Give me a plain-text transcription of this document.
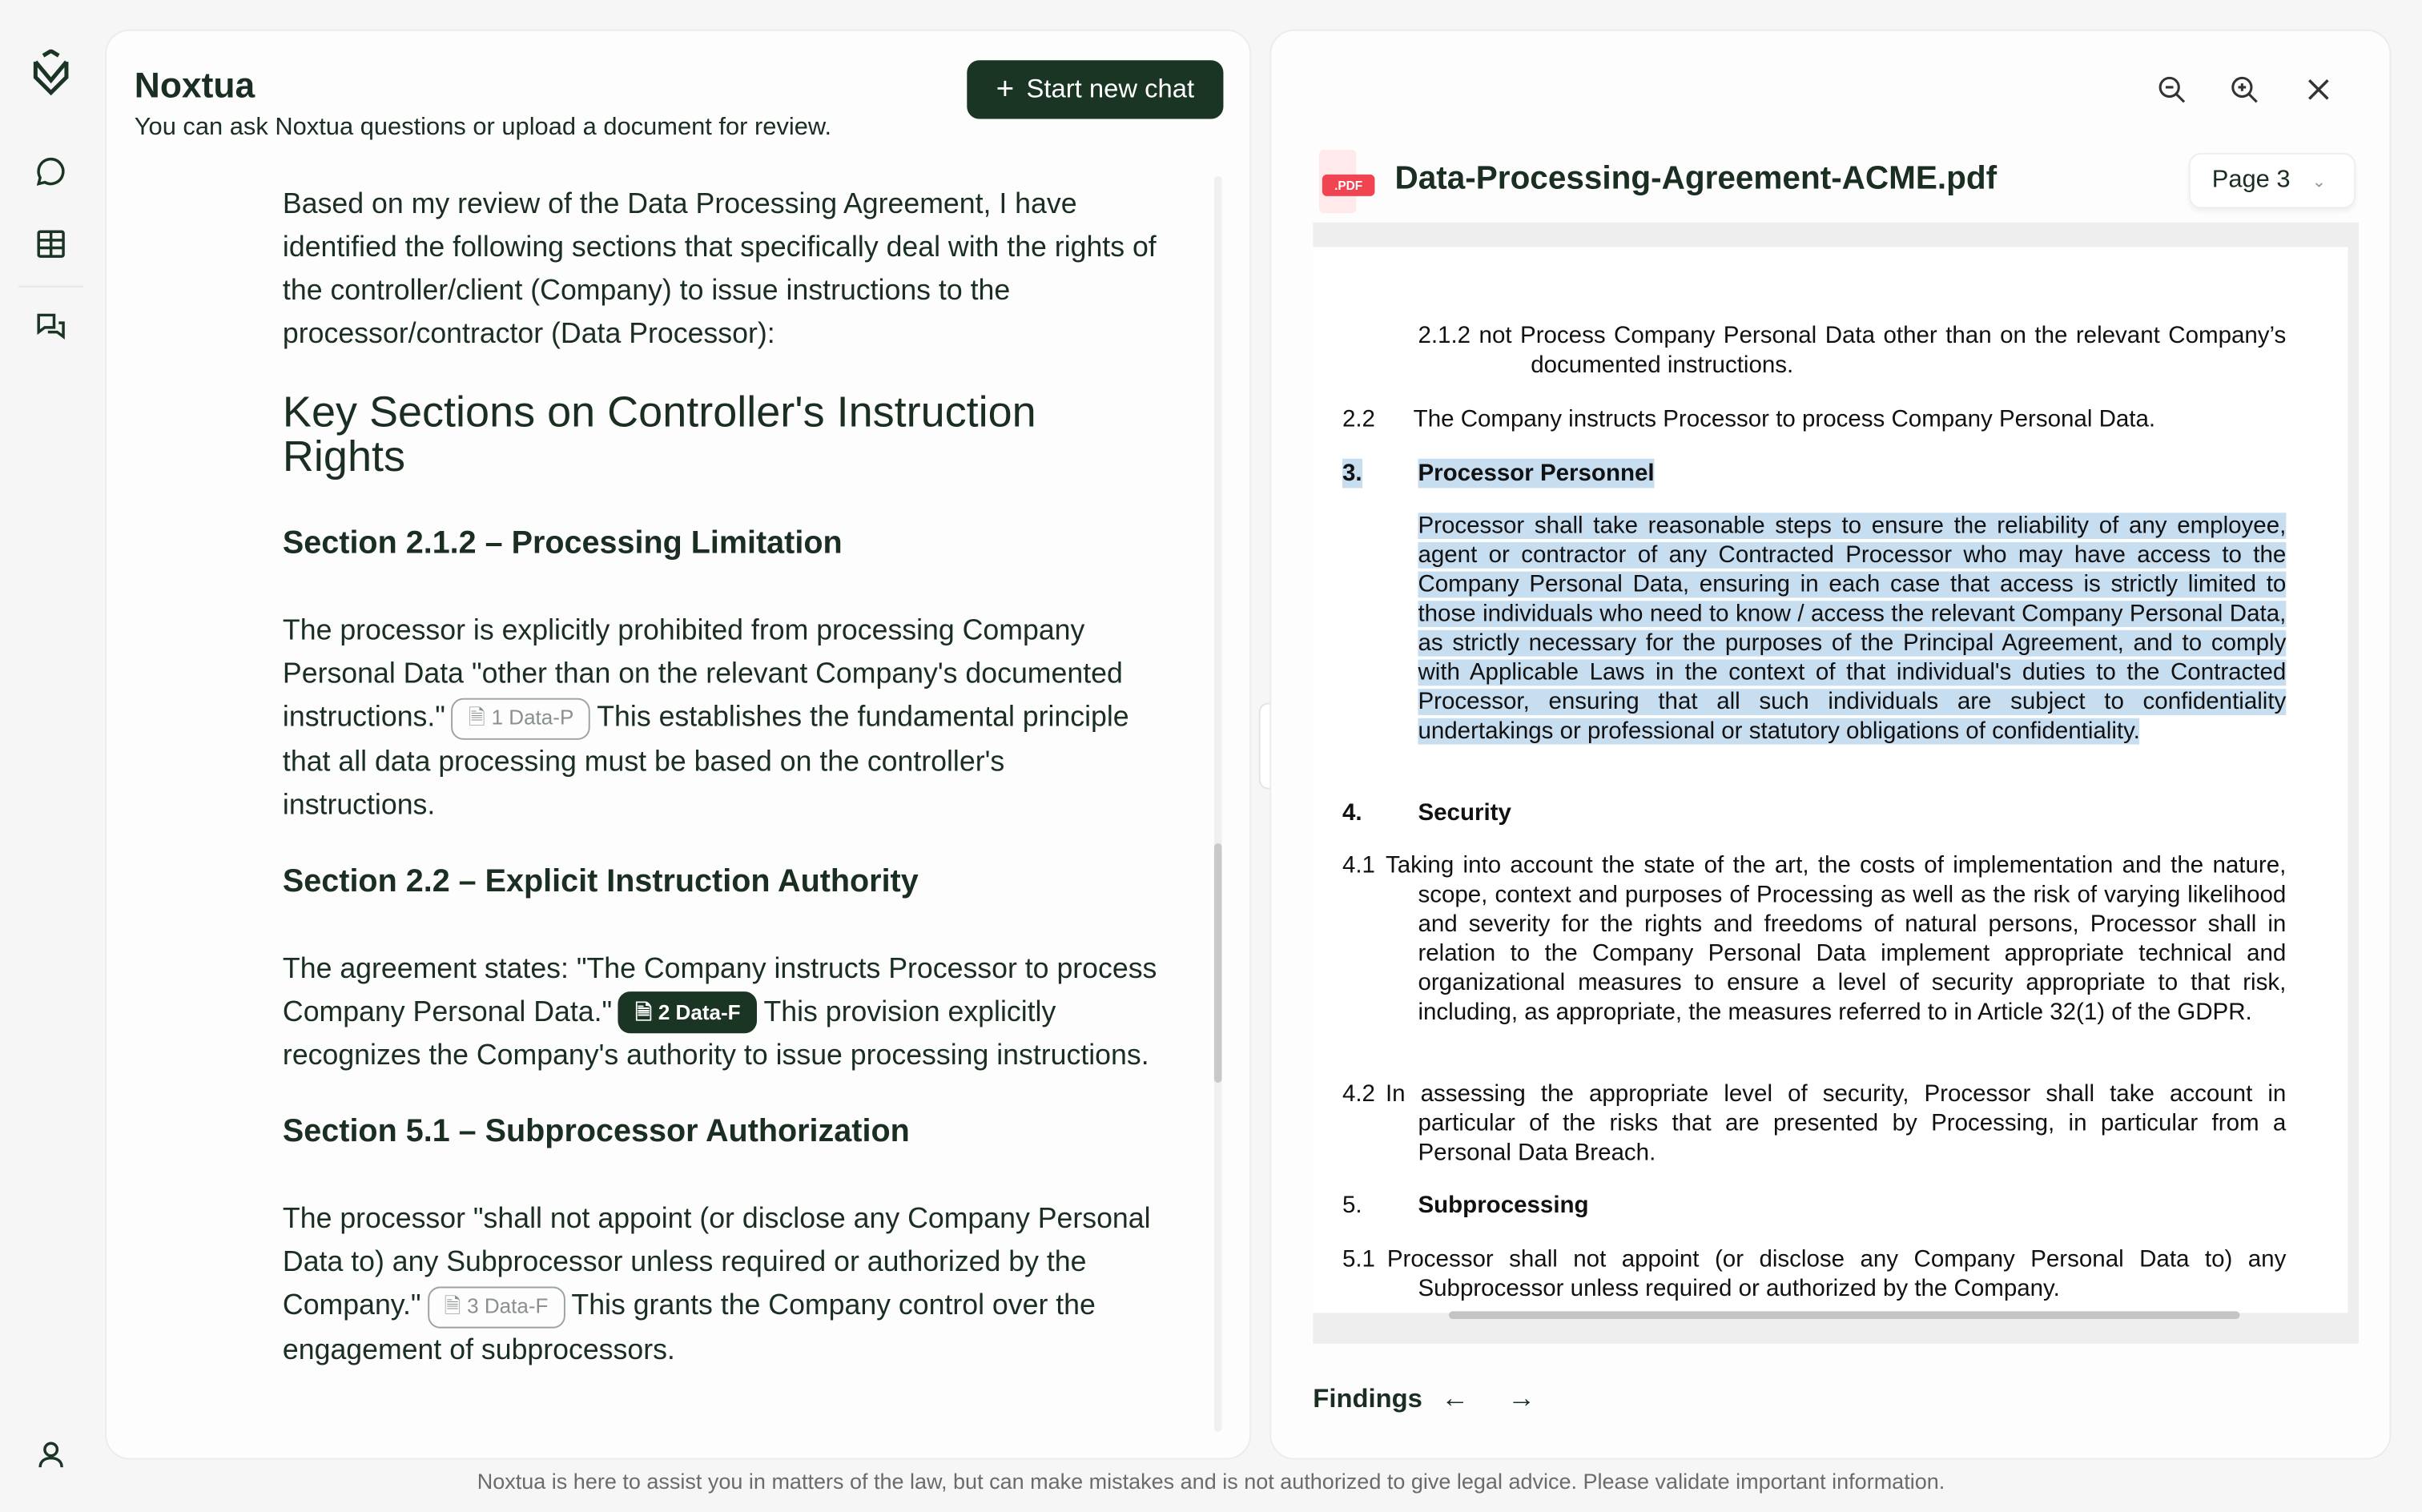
Noxtua
You can ask Noxtua questions or upload a document for review.
+ Start new chat

Based on my review of the Data Processing Agreement, I have identified the following sections that specifically deal with the rights of the controller/client (Company) to issue instructions to the processor/contractor (Data Processor):

Key Sections on Controller's Instruction Rights
Section 2.1.2 – Processing Limitation

The processor is explicitly prohibited from processing Company Personal Data "other than on the relevant Company's documented instructions." 🗎 1 Data-P This establishes the fundamental principle that all data processing must be based on the controller's instructions.

Section 2.2 – Explicit Instruction Authority

The agreement states: "The Company instructs Processor to process Company Personal Data." 🗎 2 Data-F This provision explicitly recognizes the Company's authority to issue processing instructions.

Section 5.1 – Subprocessor Authorization

The processor "shall not appoint (or disclose any Company Personal Data to) any Subprocessor unless required or authorized by the Company." 🗎 3 Data-F This grants the Company control over the engagement of subprocessors.

.PDF	Data-Processing-Agreement-ACME.pdf	Page 3 ⌄
2.1.2 not Process Company Personal Data other than on the relevant Company’s documented instructions.
2.2	The Company instructs Processor to process Company Personal Data.
3.	Processor Personnel
Processor shall take reasonable steps to ensure the reliability of any employee, agent or contractor of any Contracted Processor who may have access to the Company Personal Data, ensuring in each case that access is strictly limited to those individuals who need to know / access the relevant Company Personal Data, as strictly necessary for the purposes of the Principal Agreement, and to comply with Applicable Laws in the context of that individual's duties to the Contracted Processor, ensuring that all such individuals are subject to confidentiality undertakings or professional or statutory obligations of confidentiality.
4.	Security
4.1 Taking into account the state of the art, the costs of implementation and the nature, scope, context and purposes of Processing as well as the risk of varying likelihood and severity for the rights and freedoms of natural persons, Processor shall in relation to the Company Personal Data implement appropriate technical and organizational measures to ensure a level of security appropriate to that risk, including, as appropriate, the measures referred to in Article 32(1) of the GDPR.
4.2 In assessing the appropriate level of security, Processor shall take account in particular of the risks that are presented by Processing, in particular from a Personal Data Breach.
5.	Subprocessing
5.1 Processor shall not appoint (or disclose any Company Personal Data to) any Subprocessor unless required or authorized by the Company.
Findings ←	→
Noxtua is here to assist you in matters of the law, but can make mistakes and is not authorized to give legal advice. Please validate important information.
